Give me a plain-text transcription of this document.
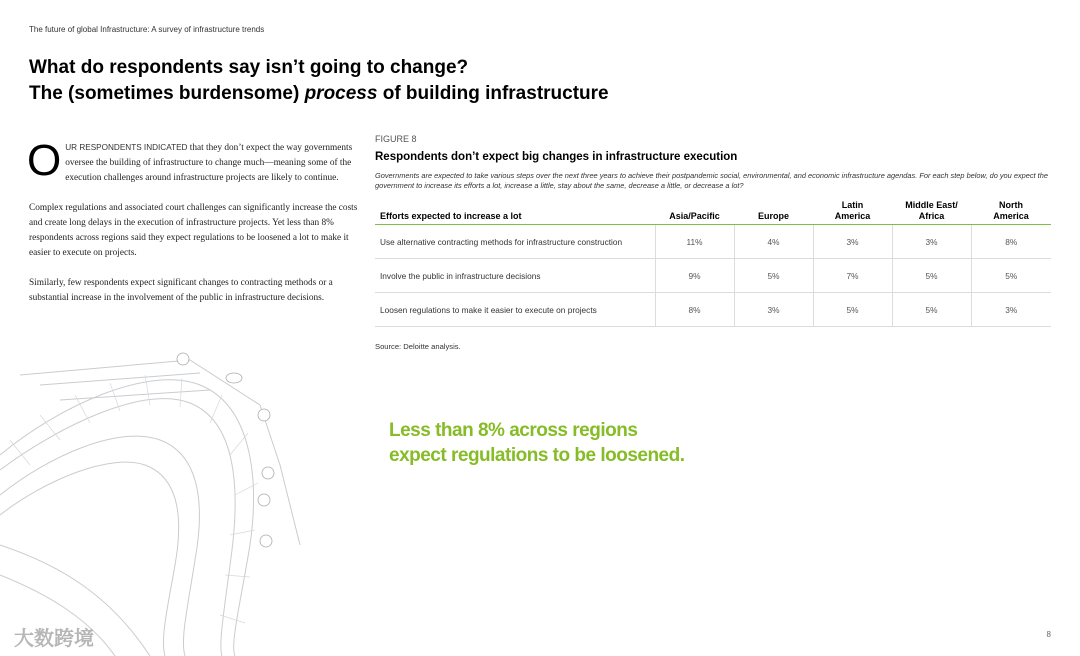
The future of global Infrastructure: A survey of infrastructure trends
What do respondents say isn’t going to change?
The (sometimes burdensome) process of building infrastructure

OUR RESPONDENTS INDICATED that they don’t expect the way governments oversee the building of infrastructure to change much—meaning some of the execution challenges around infrastructure projects are likely to continue.

Complex regulations and associated court challenges can significantly increase the costs and create long delays in the execution of infrastructure projects. Yet less than 8% respondents across regions said they expect regulations to be loosened a lot to make it easier to execute on projects.

Similarly, few respondents expect significant changes to contracting methods or a substantial increase in the involvement of the public in infrastructure decisions.

FIGURE 8
Respondents don’t expect big changes in infrastructure execution
Governments are expected to take various steps over the next three years to achieve their postpandemic social, environmental, and economic infrastructure agendas. For each step below, do you expect the government to increase its efforts a lot, increase a little, stay about the same, decrease a little, or decrease a lot?
Efforts expected to increase a lot	Asia/Pacific	Europe	Latin America	Middle East/ Africa	North America
Use alternative contracting methods for infrastructure construction	11%	4%	3%	3%	8%
Involve the public in infrastructure decisions	9%	5%	7%	5%	5%
Loosen regulations to make it easier to execute on projects	8%	3%	5%	5%	3%
Source: Deloitte analysis.
Less than 8% across regions
expect regulations to be loosened.
大数跨境	8
